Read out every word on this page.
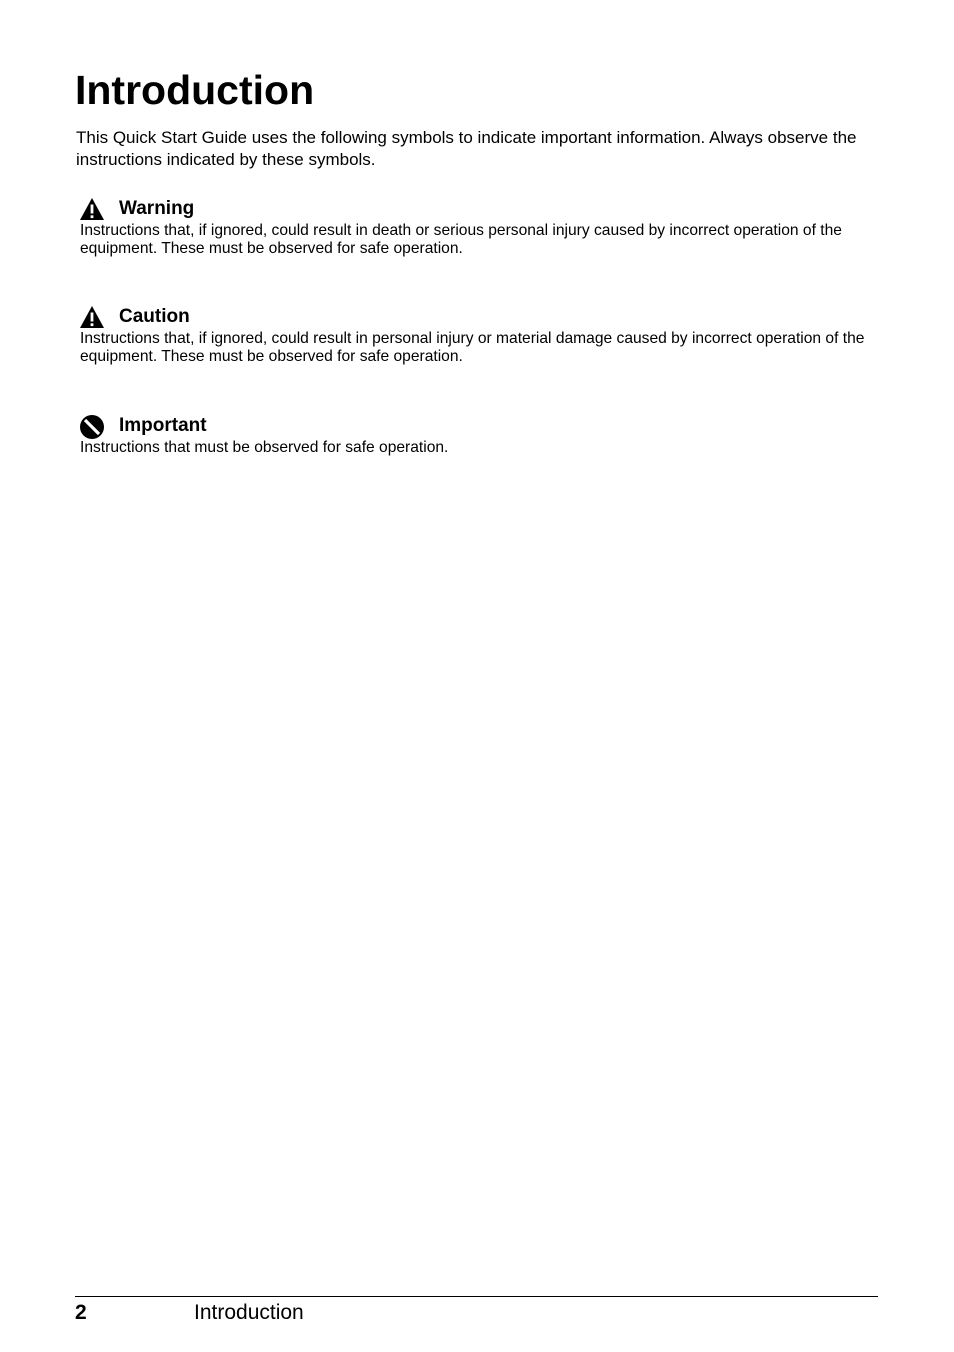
Introduction

This Quick Start Guide uses the following symbols to indicate important information. Always observe the instructions indicated by these symbols.

Warning

Instructions that, if ignored, could result in death or serious personal injury caused by incorrect operation of the equipment. These must be observed for safe operation.

Caution

Instructions that, if ignored, could result in personal injury or material damage caused by incorrect operation of the equipment. These must be observed for safe operation.

Important

Instructions that must be observed for safe operation.

2	Introduction
